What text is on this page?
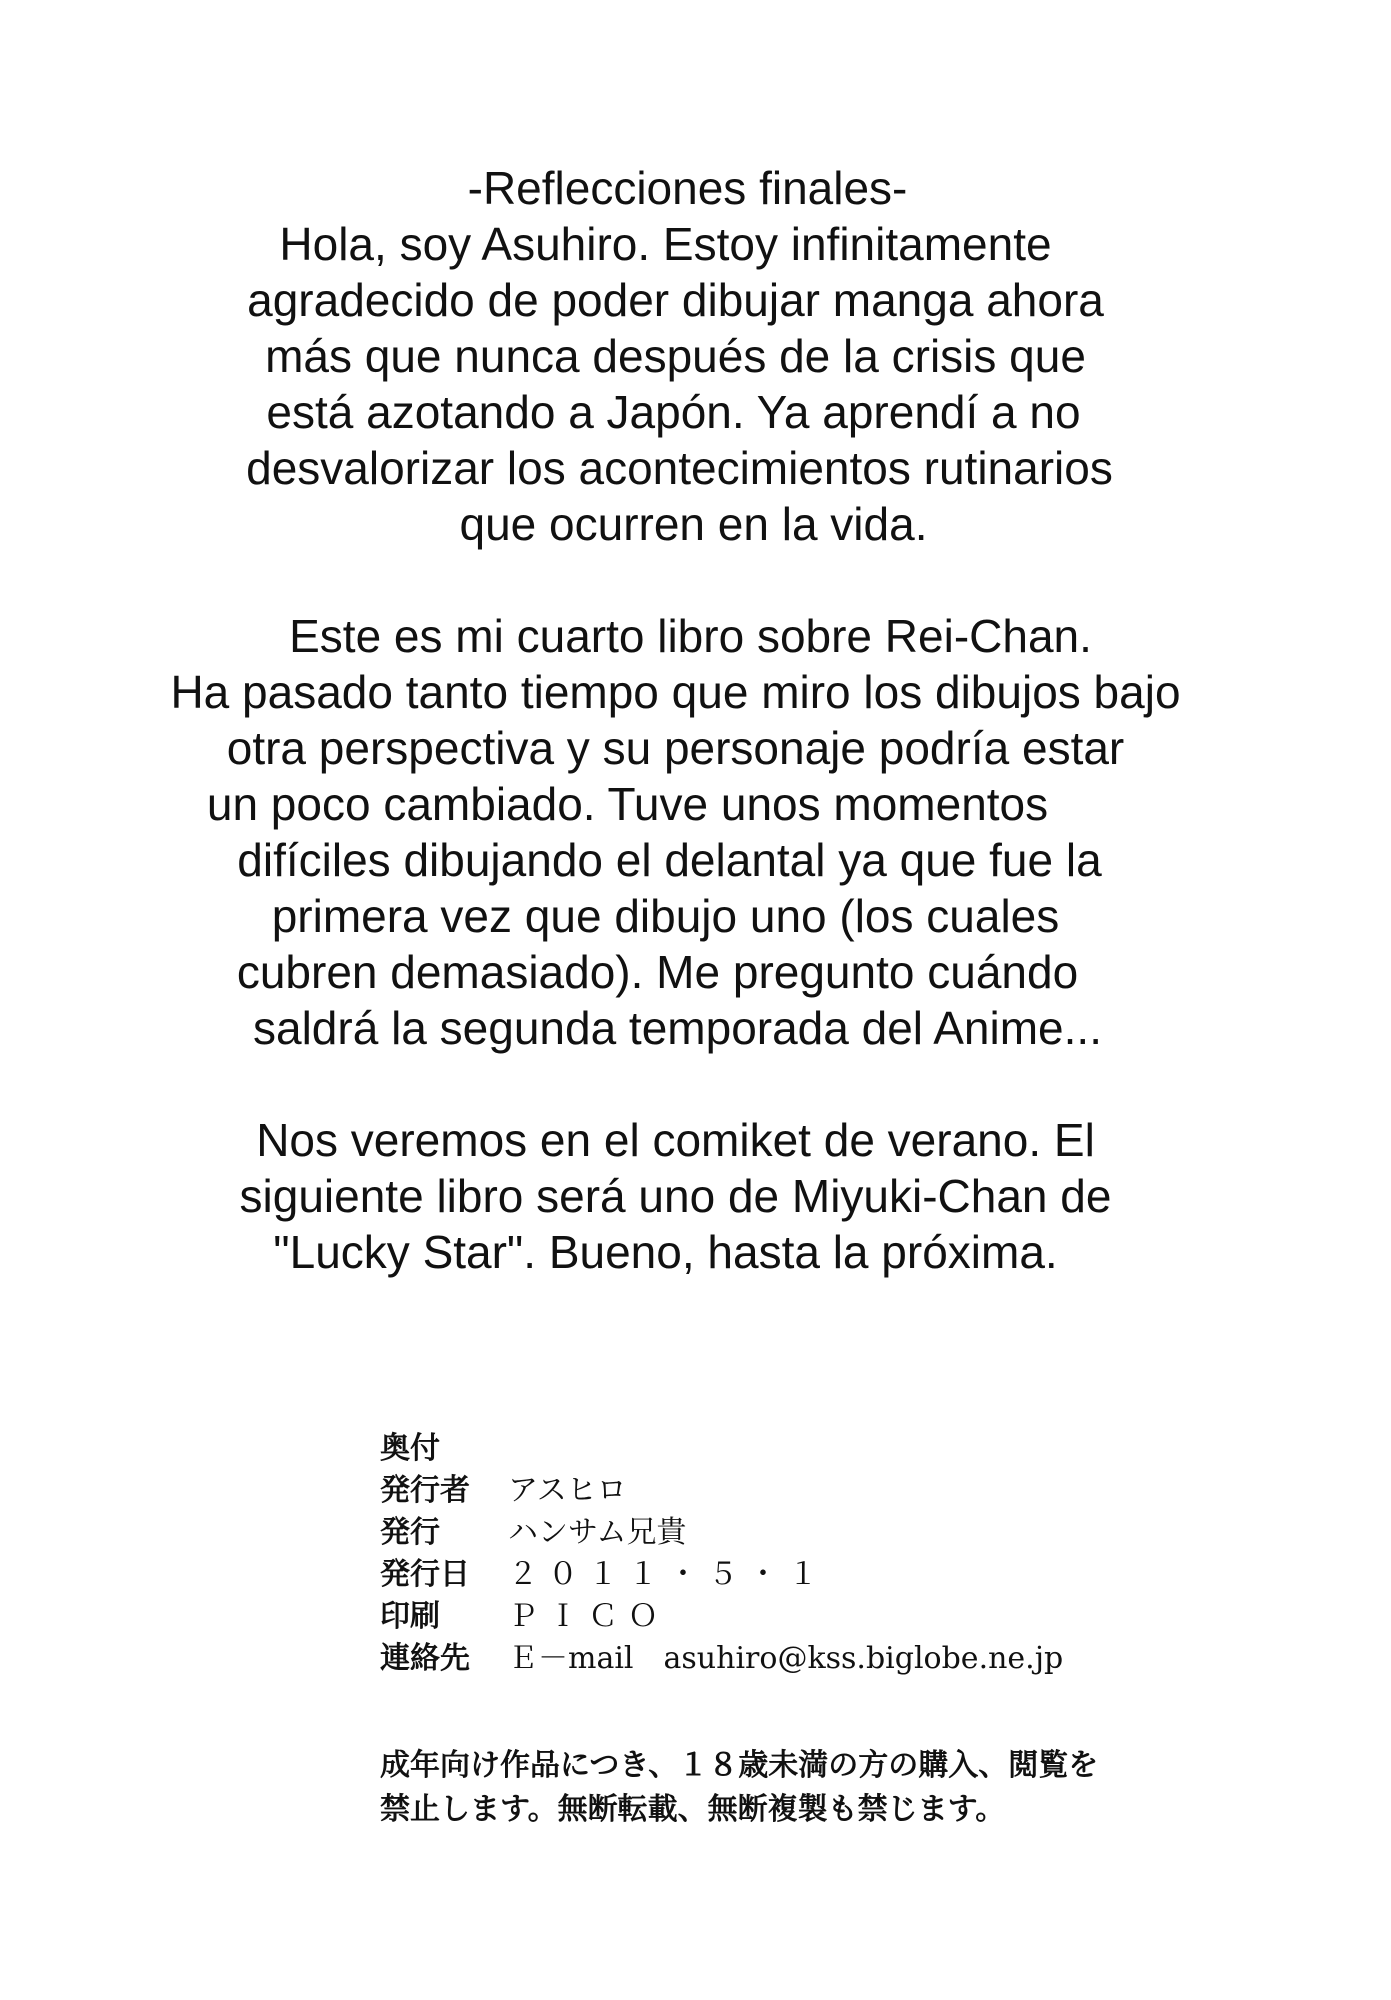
-Reflecciones finales-
Hola, soy Asuhiro. Estoy infinitamente
agradecido de poder dibujar manga ahora
más que nunca después de la crisis que
está azotando a Japón. Ya aprendí a no
desvalorizar los acontecimientos rutinarios
que ocurren en la vida.
Este es mi cuarto libro sobre Rei-Chan.
Ha pasado tanto tiempo que miro los dibujos bajo
otra perspectiva y su personaje podría estar
un poco cambiado. Tuve unos momentos
difíciles dibujando el delantal ya que fue la
primera vez que dibujo uno (los cuales
cubren demasiado). Me pregunto cuándo
saldrá la segunda temporada del Anime...
Nos veremos en el comiket de verano. El
siguiente libro será uno de Miyuki-Chan de
"Lucky Star". Bueno, hasta la próxima.
奥付
発行者	アスヒロ
発行	ハンサム兄貴
発行日	２０１１・５・１
印刷	ＰＩＣＯ
連絡先	Ｅ－mail　asuhiro@kss.biglobe.ne.jp
成年向け作品につき、１８歳未満の方の購入、閲覧を
禁止します。無断転載、無断複製も禁じます。
